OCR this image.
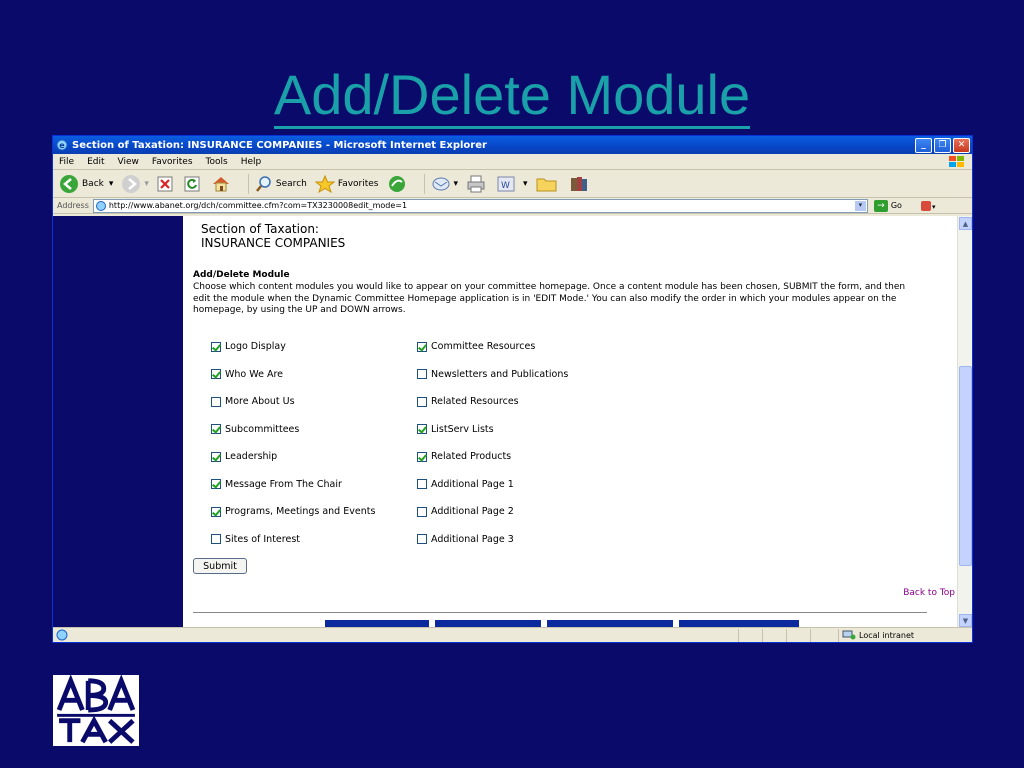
Add/Delete Module
e Section of Taxation: INSURANCE COMPANIES - Microsoft Internet Explorer	_	❐	✕
File Edit View Favorites Tools Help
Back ▾	▾	Search	Favorites	▾	W ▾
Address	http://www.abanet.org/dch/committee.cfm?com=TX3230008edit_mode=1	▾	→ Go	▾
Section of Taxation:
INSURANCE COMPANIES
Add/Delete Module
Choose which content modules you would like to appear on your committee homepage. Once a content module has been chosen, SUBMIT the form, and then edit the module when the Dynamic Committee Homepage application is in 'EDIT Mode.' You can also modify the order in which your modules appear on the homepage, by using the UP and DOWN arrows.
Logo Display
Who We Are
More About Us
Subcommittees
Leadership
Message From The Chair
Programs, Meetings and Events
Sites of Interest
Committee Resources
Newsletters and Publications
Related Resources
ListServ Lists
Related Products
Additional Page 1
Additional Page 2
Additional Page 3
Submit
Back to Top
▲
▼
Local intranet
